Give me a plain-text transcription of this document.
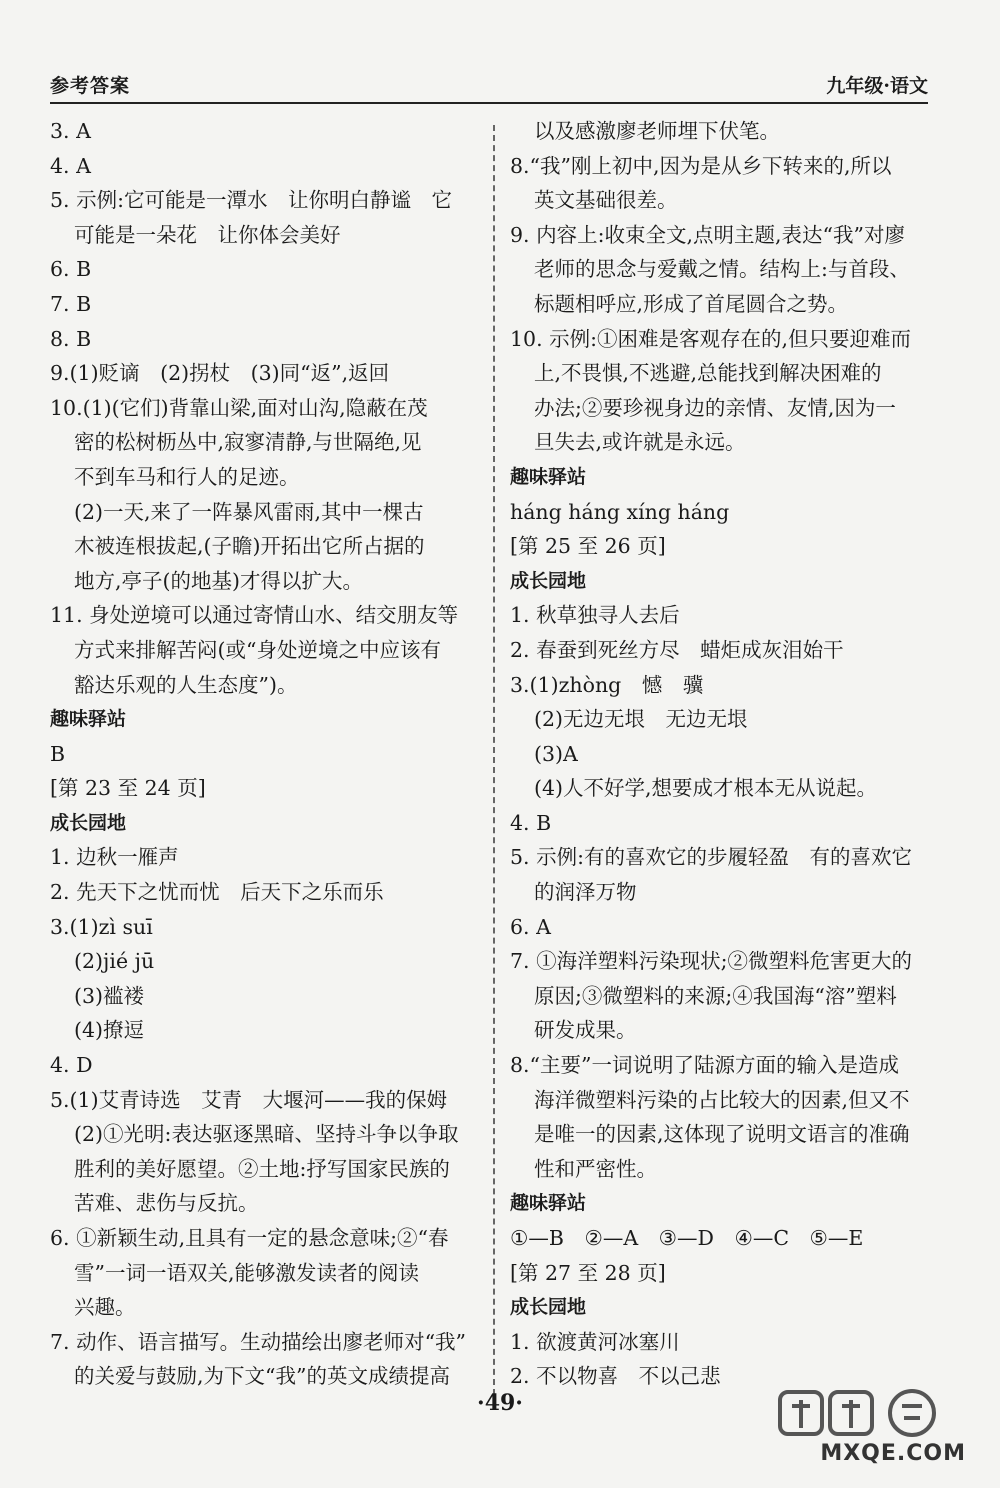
参考答案	九年级·语文
3. A
4. A
5. 示例:它可能是一潭水　让你明白静谧　它
可能是一朵花　让你体会美好
6. B
7. B
8. B
9.(1)贬谪　(2)拐杖　(3)同“返”,返回
10.(1)(它们)背靠山梁,面对山沟,隐蔽在茂
密的松树枥丛中,寂寥清静,与世隔绝,见
不到车马和行人的足迹。
(2)一天,来了一阵暴风雷雨,其中一棵古
木被连根拔起,(子瞻)开拓出它所占据的
地方,亭子(的地基)才得以扩大。
11. 身处逆境可以通过寄情山水、结交朋友等
方式来排解苦闷(或“身处逆境之中应该有
豁达乐观的人生态度”)。
趣味驿站
B
[第 23 至 24 页]
成长园地
1. 边秋一雁声
2. 先天下之忧而忧　后天下之乐而乐
3.(1)zì suī
(2)jié jū
(3)褴褛
(4)撩逗
4. D
5.(1)艾青诗选　艾青　大堰河——我的保姆
(2)①光明:表达驱逐黑暗、坚持斗争以争取
胜利的美好愿望。②土地:抒写国家民族的
苦难、悲伤与反抗。
6. ①新颖生动,且具有一定的悬念意味;②“春
雪”一词一语双关,能够激发读者的阅读
兴趣。
7. 动作、语言描写。生动描绘出廖老师对“我”
的关爱与鼓励,为下文“我”的英文成绩提高
以及感激廖老师埋下伏笔。
8.“我”刚上初中,因为是从乡下转来的,所以
英文基础很差。
9. 内容上:收束全文,点明主题,表达“我”对廖
老师的思念与爱戴之情。结构上:与首段、
标题相呼应,形成了首尾圆合之势。
10. 示例:①困难是客观存在的,但只要迎难而
上,不畏惧,不逃避,总能找到解决困难的
办法;②要珍视身边的亲情、友情,因为一
旦失去,或许就是永远。
趣味驿站
háng háng xíng háng
[第 25 至 26 页]
成长园地
1. 秋草独寻人去后
2. 春蚕到死丝方尽　蜡炬成灰泪始干
3.(1)zhòng　憾　骥
(2)无边无垠　无边无垠
(3)A
(4)人不好学,想要成才根本无从说起。
4. B
5. 示例:有的喜欢它的步履轻盈　有的喜欢它
的润泽万物
6. A
7. ①海洋塑料污染现状;②微塑料危害更大的
原因;③微塑料的来源;④我国海“溶”塑料
研发成果。
8.“主要”一词说明了陆源方面的输入是造成
海洋微塑料污染的占比较大的因素,但又不
是唯一的因素,这体现了说明文语言的准确
性和严密性。
趣味驿站
①—B　②—A　③—D　④—C　⑤—E
[第 27 至 28 页]
成长园地
1. 欲渡黄河冰塞川
2. 不以物喜　不以己悲
·49·
MXQE.COM
